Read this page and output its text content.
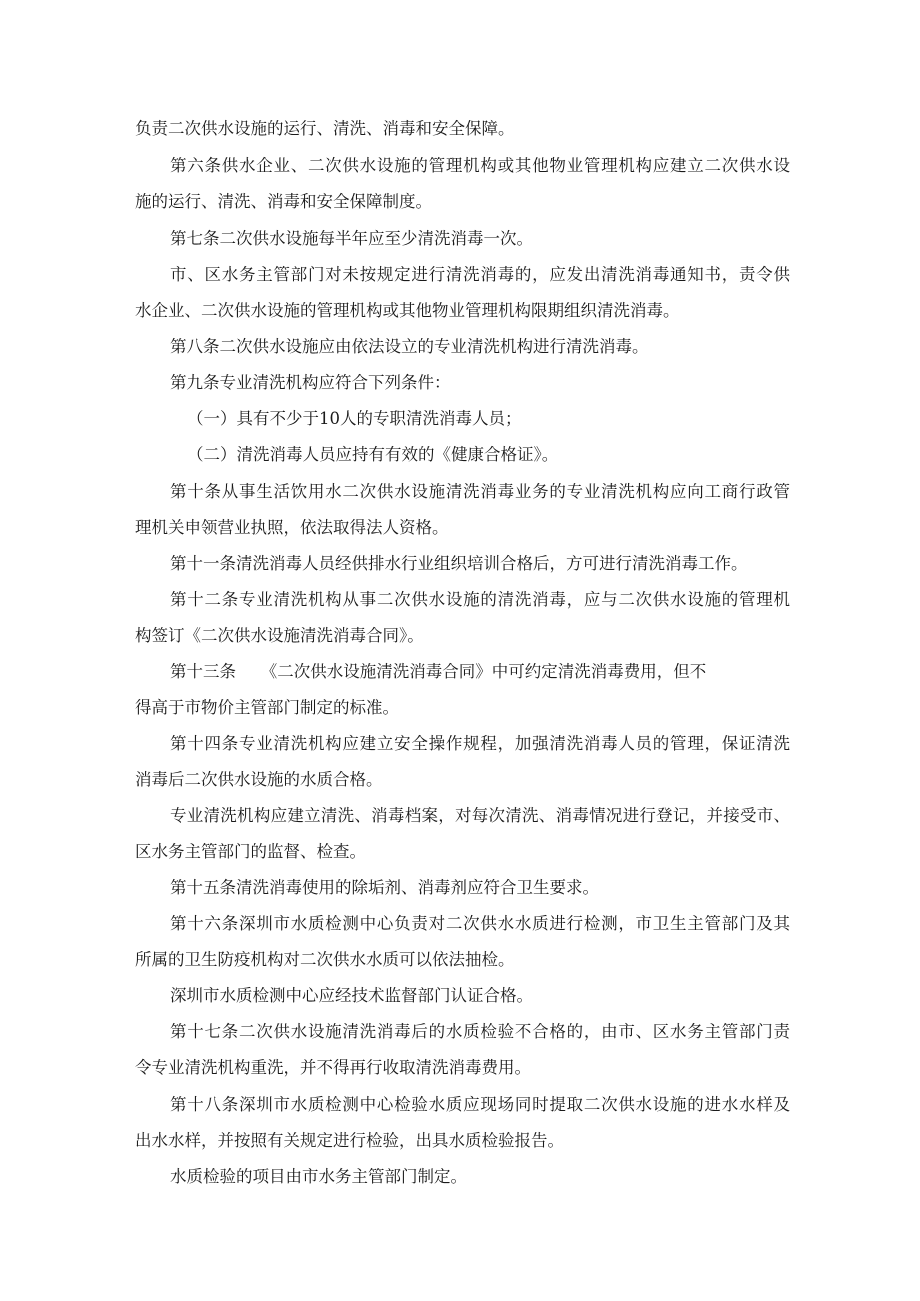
负责二次供水设施的运行、清洗、消毒和安全保障。
第六条供水企业、二次供水设施的管理机构或其他物业管理机构应建立二次供水设
施的运行、清洗、消毒和安全保障制度。
第七条二次供水设施每半年应至少清洗消毒一次。
市、区水务主管部门对未按规定进行清洗消毒的，应发出清洗消毒通知书，责令供
水企业、二次供水设施的管理机构或其他物业管理机构限期组织清洗消毒。
第八条二次供水设施应由依法设立的专业清洗机构进行清洗消毒。
第九条专业清洗机构应符合下列条件：
（一）具有不少于10人的专职清洗消毒人员；
（二）清洗消毒人员应持有有效的《健康合格证》。
第十条从事生活饮用水二次供水设施清洗消毒业务的专业清洗机构应向工商行政管
理机关申领营业执照，依法取得法人资格。
第十一条清洗消毒人员经供排水行业组织培训合格后，方可进行清洗消毒工作。
第十二条专业清洗机构从事二次供水设施的清洗消毒，应与二次供水设施的管理机
构签订《二次供水设施清洗消毒合同》。
第十三条　　《二次供水设施清洗消毒合同》中可约定清洗消毒费用，但不
得高于市物价主管部门制定的标准。
第十四条专业清洗机构应建立安全操作规程，加强清洗消毒人员的管理，保证清洗
消毒后二次供水设施的水质合格。
专业清洗机构应建立清洗、消毒档案，对每次清洗、消毒情况进行登记，并接受市、
区水务主管部门的监督、检查。
第十五条清洗消毒使用的除垢剂、消毒剂应符合卫生要求。
第十六条深圳市水质检测中心负责对二次供水水质进行检测，市卫生主管部门及其
所属的卫生防疫机构对二次供水水质可以依法抽检。
深圳市水质检测中心应经技术监督部门认证合格。
第十七条二次供水设施清洗消毒后的水质检验不合格的，由市、区水务主管部门责
令专业清洗机构重洗，并不得再行收取清洗消毒费用。
第十八条深圳市水质检测中心检验水质应现场同时提取二次供水设施的进水水样及
出水水样，并按照有关规定进行检验，出具水质检验报告。
水质检验的项目由市水务主管部门制定。
